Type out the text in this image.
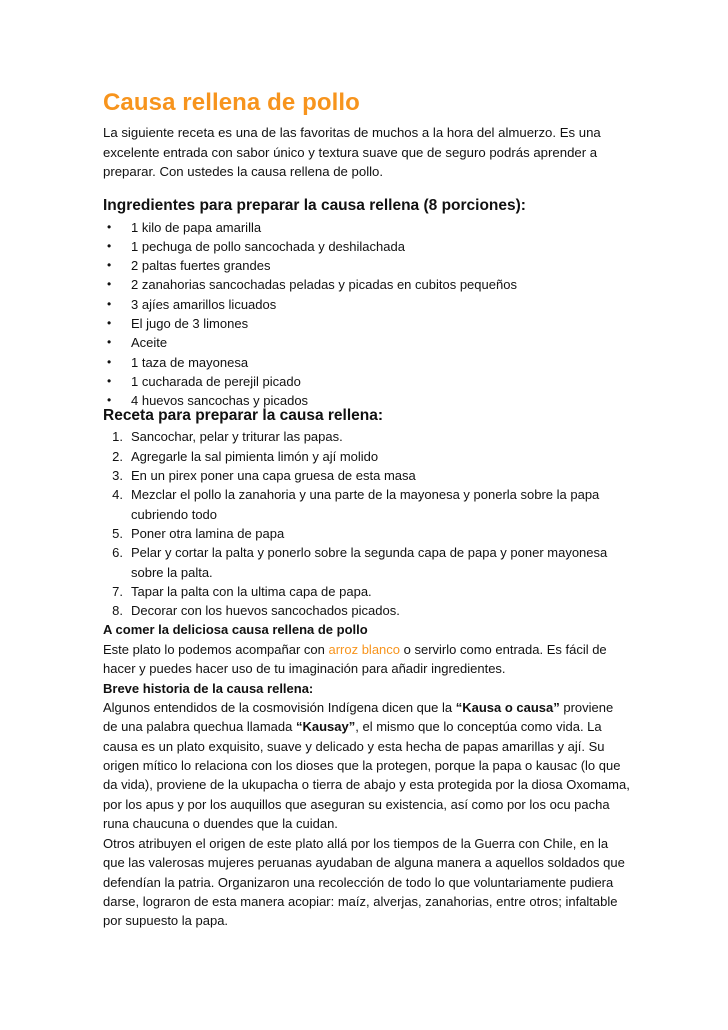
Causa rellena de pollo

La siguiente receta es una de las favoritas de muchos a la hora del almuerzo. Es una excelente entrada con sabor único y textura suave que de seguro podrás aprender a preparar. Con ustedes la causa rellena de pollo.

Ingredientes para preparar la causa rellena (8 porciones):
• 1 kilo de papa amarilla
• 1 pechuga de pollo sancochada y deshilachada
• 2 paltas fuertes grandes
• 2 zanahorias sancochadas peladas y picadas en cubitos pequeños
• 3 ajíes amarillos licuados
• El jugo de 3 limones
• Aceite
• 1 taza de mayonesa
• 1 cucharada de perejil picado
• 4 huevos sancochas y picados
Receta para preparar la causa rellena:
1. Sancochar, pelar y triturar las papas.
2. Agregarle la sal pimienta limón y ají molido
3. En un pirex poner una capa gruesa de esta masa
4. Mezclar el pollo la zanahoria y una parte de la mayonesa y ponerla sobre la papa cubriendo todo
5. Poner otra lamina de papa
6. Pelar y cortar la palta y ponerlo sobre la segunda capa de papa y poner mayonesa sobre la palta.
7. Tapar la palta con la ultima capa de papa.
8. Decorar con los huevos sancochados picados.

A comer la deliciosa causa rellena de pollo

Este plato lo podemos acompañar con arroz blanco o servirlo como entrada. Es fácil de hacer y puedes hacer uso de tu imaginación para añadir ingredientes.

Breve historia de la causa rellena:

Algunos entendidos de la cosmovisión Indígena dicen que la “Kausa o causa” proviene de una palabra quechua llamada “Kausay”, el mismo que lo conceptúa como vida. La causa es un plato exquisito, suave y delicado y esta hecha de papas amarillas y ají. Su origen mítico lo relaciona con los dioses que la protegen, porque la papa o kausac (lo que da vida), proviene de la ukupacha o tierra de abajo y esta protegida por la diosa Oxomama, por los apus y por los auquillos que aseguran su existencia, así como por los ocu pacha runa chaucuna o duendes que la cuidan.

Otros atribuyen el origen de este plato allá por los tiempos de la Guerra con Chile, en la que las valerosas mujeres peruanas ayudaban de alguna manera a aquellos soldados que defendían la patria. Organizaron una recolección de todo lo que voluntariamente pudiera darse, lograron de esta manera acopiar: maíz, alverjas, zanahorias, entre otros; infaltable por supuesto la papa.
